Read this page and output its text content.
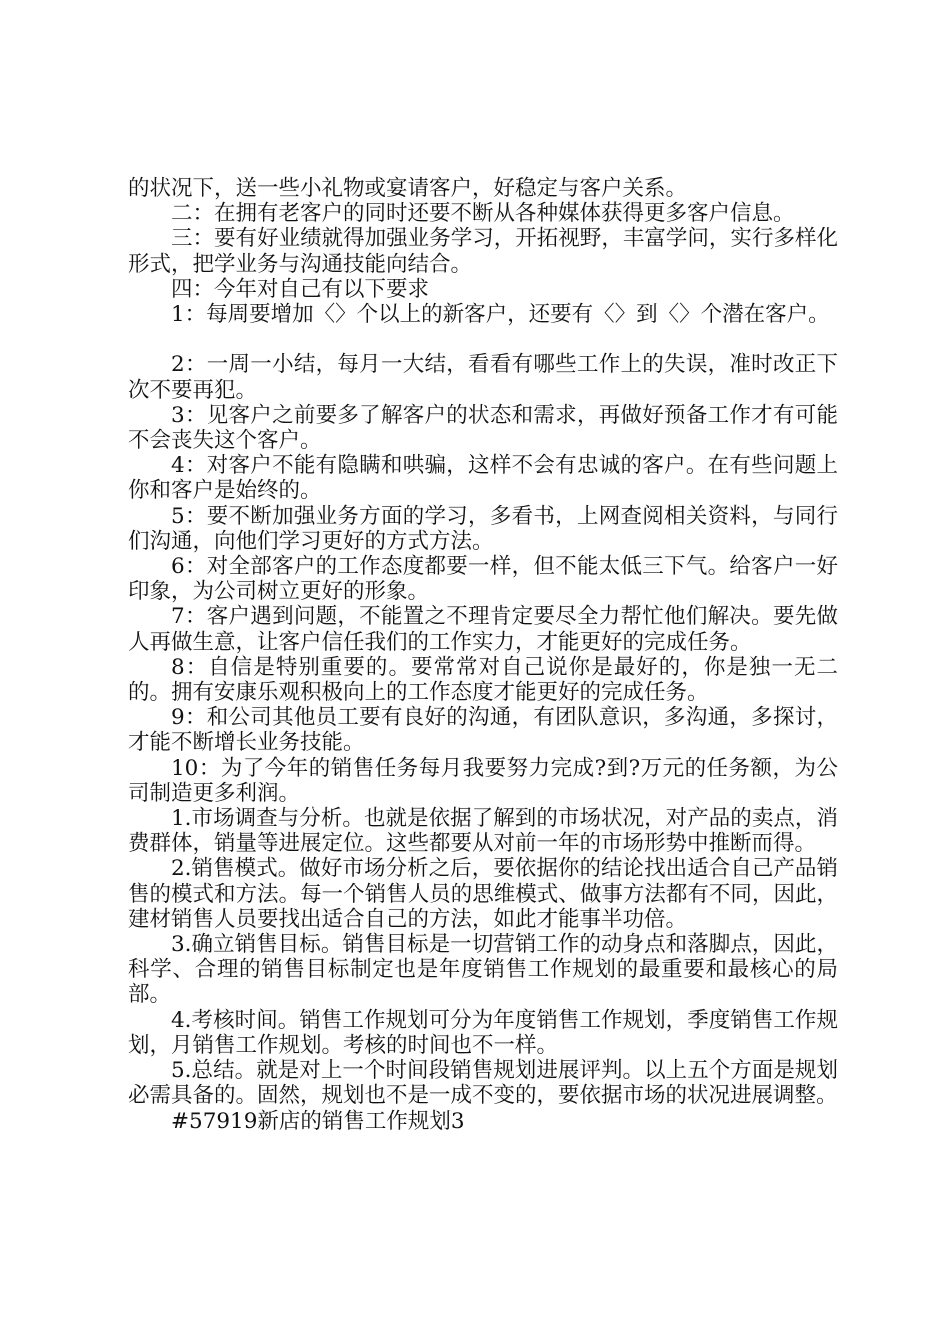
的状况下，送一些小礼物或宴请客户，好稳定与客户关系。

二：在拥有老客户的同时还要不断从各种媒体获得更多客户信息。

三：要有好业绩就得加强业务学习，开拓视野，丰富学问，实行多样化形式，把学业务与沟通技能向结合。

四：今年对自己有以下要求

1：每周要增加〈〉个以上的新客户，还要有〈〉到〈〉个潜在客户。

2：一周一小结，每月一大结，看看有哪些工作上的失误，准时改正下次不要再犯。

3：见客户之前要多了解客户的状态和需求，再做好预备工作才有可能不会丧失这个客户。

4：对客户不能有隐瞒和哄骗，这样不会有忠诚的客户。在有些问题上你和客户是始终的。

5：要不断加强业务方面的学习，多看书，上网查阅相关资料，与同行们沟通，向他们学习更好的方式方法。

6：对全部客户的工作态度都要一样，但不能太低三下气。给客户一好印象，为公司树立更好的形象。

7：客户遇到问题，不能置之不理肯定要尽全力帮忙他们解决。要先做人再做生意，让客户信任我们的工作实力，才能更好的完成任务。

8：自信是特别重要的。要常常对自己说你是最好的，你是独一无二的。拥有安康乐观积极向上的工作态度才能更好的完成任务。

9：和公司其他员工要有良好的沟通，有团队意识，多沟通，多探讨，才能不断增长业务技能。

10：为了今年的销售任务每月我要努力完成?到?万元的任务额，为公司制造更多利润。

1.市场调查与分析。也就是依据了解到的市场状况，对产品的卖点，消费群体，销量等进展定位。这些都要从对前一年的市场形势中推断而得。

2.销售模式。做好市场分析之后，要依据你的结论找出适合自己产品销售的模式和方法。每一个销售人员的思维模式、做事方法都有不同，因此，建材销售人员要找出适合自己的方法，如此才能事半功倍。

3.确立销售目标。销售目标是一切营销工作的动身点和落脚点，因此，科学、合理的销售目标制定也是年度销售工作规划的最重要和最核心的局部。

4.考核时间。销售工作规划可分为年度销售工作规划，季度销售工作规划，月销售工作规划。考核的时间也不一样。

5.总结。就是对上一个时间段销售规划进展评判。以上五个方面是规划必需具备的。固然，规划也不是一成不变的，要依据市场的状况进展调整。

#57919新店的销售工作规划3
